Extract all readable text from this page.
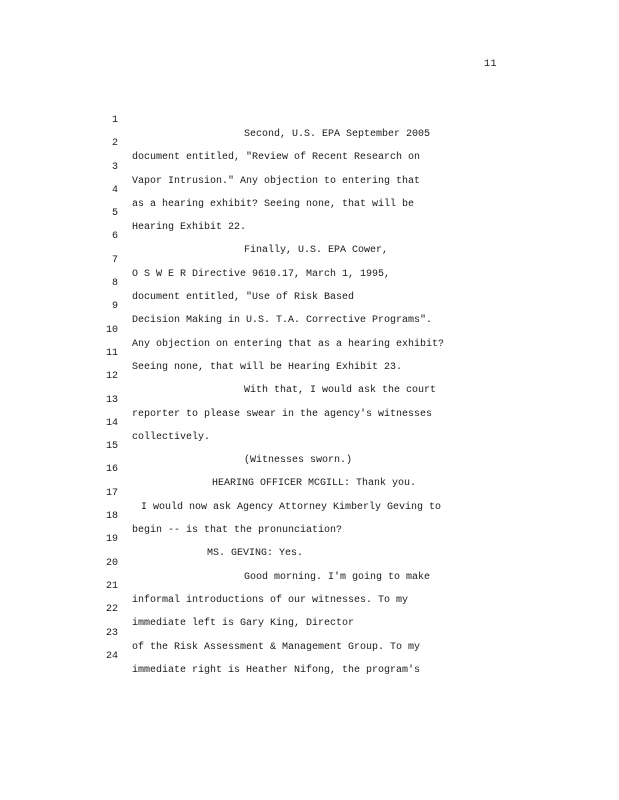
11

1

Second, U.S. EPA September 2005

2

document entitled, "Review of Recent Research on

3

Vapor Intrusion." Any objection to entering that

4

as a hearing exhibit? Seeing none, that will be

5

Hearing Exhibit 22.

6

Finally, U.S. EPA Cower,

7

O S W E R Directive 9610.17, March 1, 1995,

8

document entitled, "Use of Risk Based

9

Decision Making in U.S. T.A. Corrective Programs".

10

Any objection on entering that as a hearing exhibit?

11

Seeing none, that will be Hearing Exhibit 23.

12

With that, I would ask the court

13

reporter to please swear in the agency's witnesses

14

collectively.

15

(Witnesses sworn.)

16

HEARING OFFICER MCGILL: Thank you.

17

I would now ask Agency Attorney Kimberly Geving to

18

begin -- is that the pronunciation?

19

MS. GEVING: Yes.

20

Good morning. I'm going to make

21

informal introductions of our witnesses. To my

22

immediate left is Gary King, Director

23

of the Risk Assessment & Management Group. To my

24

immediate right is Heather Nifong, the program's
